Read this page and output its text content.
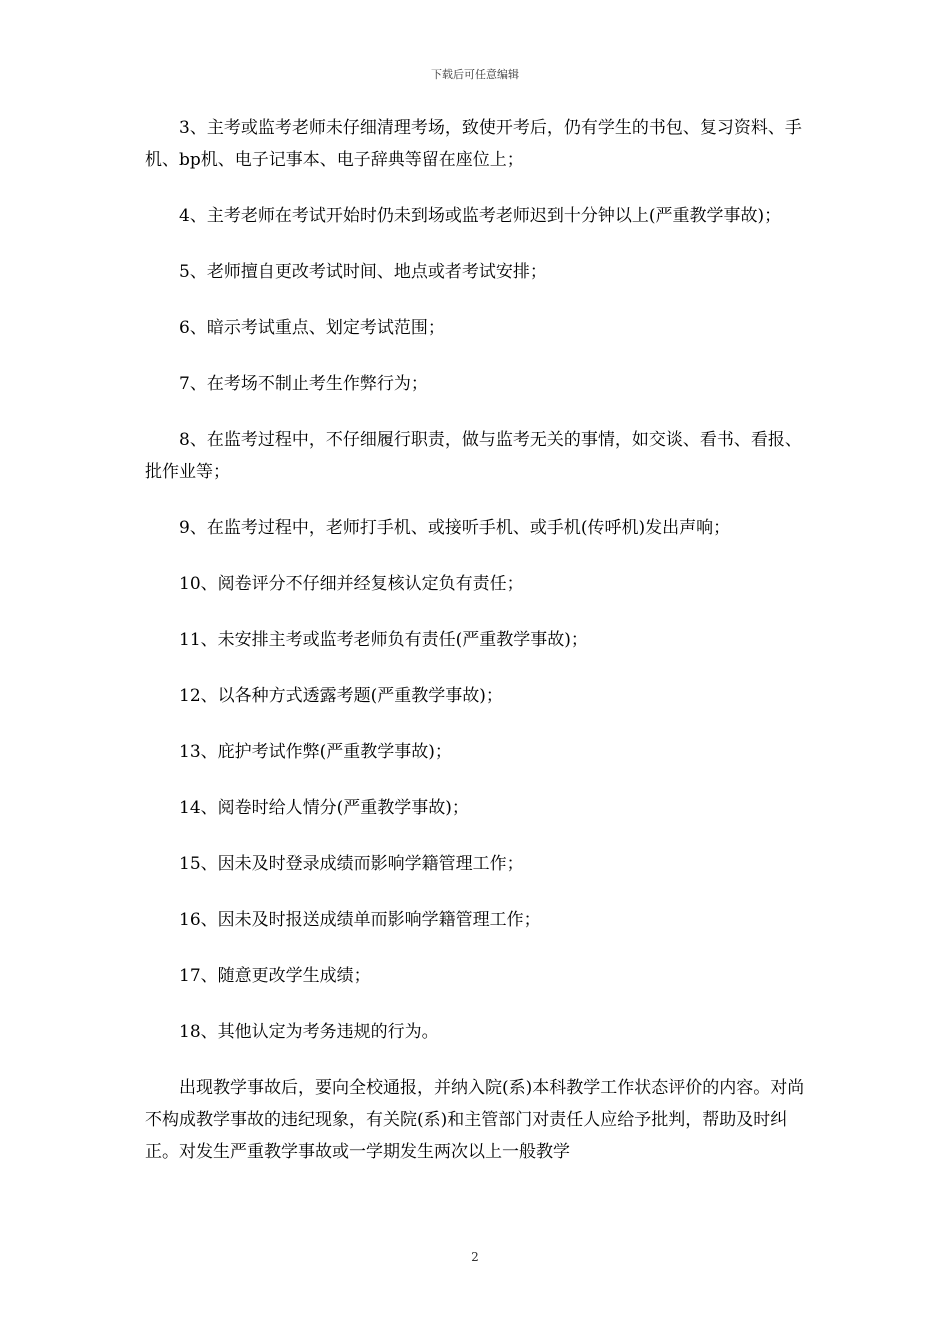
下载后可任意编辑

3、主考或监考老师未仔细清理考场，致使开考后，仍有学生的书包、复习资料、手机、bp机、电子记事本、电子辞典等留在座位上；

4、主考老师在考试开始时仍未到场或监考老师迟到十分钟以上(严重教学事故)；

5、老师擅自更改考试时间、地点或者考试安排；

6、暗示考试重点、划定考试范围；

7、在考场不制止考生作弊行为；

8、在监考过程中，不仔细履行职责，做与监考无关的事情，如交谈、看书、看报、批作业等；

9、在监考过程中，老师打手机、或接听手机、或手机(传呼机)发出声响；

10、阅卷评分不仔细并经复核认定负有责任；

11、未安排主考或监考老师负有责任(严重教学事故)；

12、以各种方式透露考题(严重教学事故)；

13、庇护考试作弊(严重教学事故)；

14、阅卷时给人情分(严重教学事故)；

15、因未及时登录成绩而影响学籍管理工作；

16、因未及时报送成绩单而影响学籍管理工作；

17、随意更改学生成绩；

18、其他认定为考务违规的行为。

出现教学事故后，要向全校通报，并纳入院(系)本科教学工作状态评价的内容。对尚不构成教学事故的违纪现象，有关院(系)和主管部门对责任人应给予批判，帮助及时纠正。对发生严重教学事故或一学期发生两次以上一般教学

2
